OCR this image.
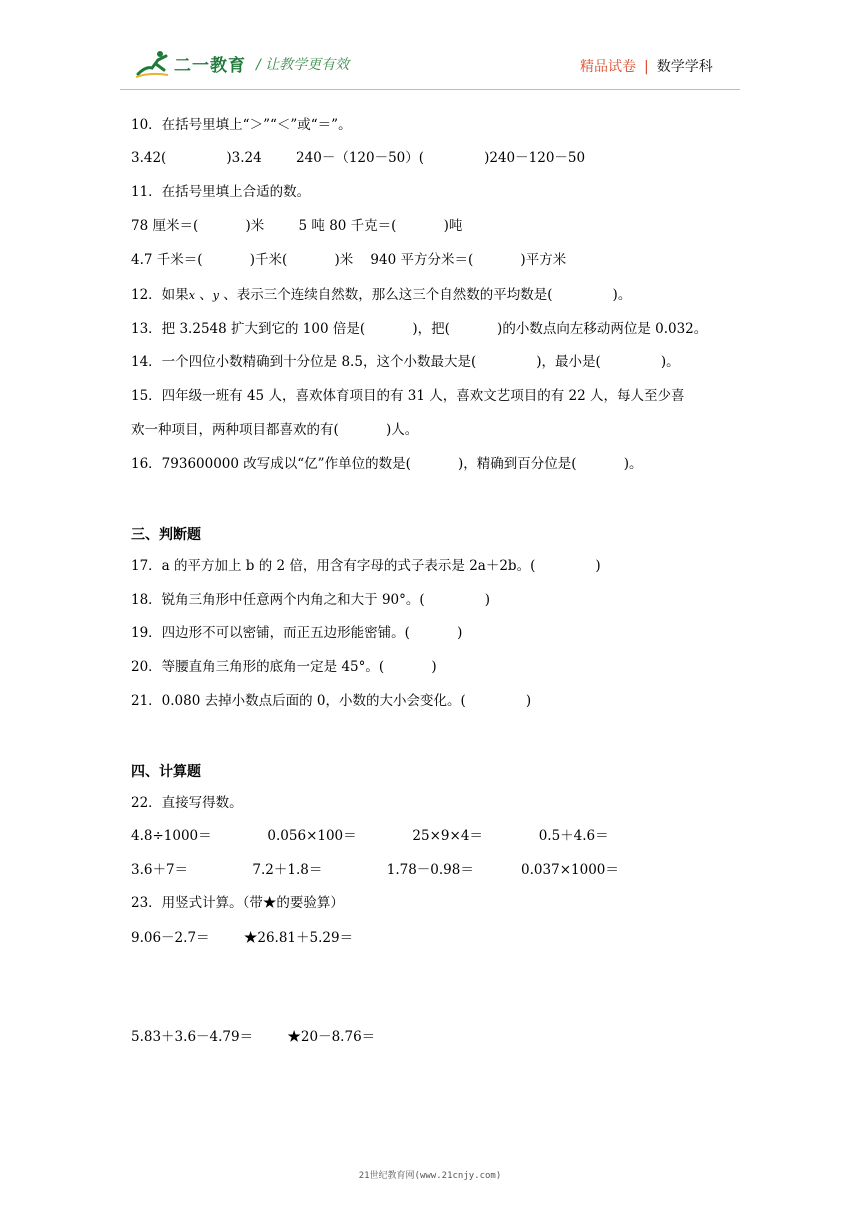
二一教育 / 让教学更有效	精品试卷 | 数学学科
10．在括号里填上“＞”“＜”或“＝”。
3.42(              )3.24        240－（120－50）(              )240－120－50
11．在括号里填上合适的数。
78 厘米＝(           )米        5 吨 80 千克＝(           )吨
4.7 千米＝(           )千米(           )米    940 平方分米＝(           )平方米
12．如果x 、y 、表示三个连续自然数，那么这三个自然数的平均数是(              )。
13．把 3.2548 扩大到它的 100 倍是(           )，把(           )的小数点向左移动两位是 0.032。
14．一个四位小数精确到十分位是 8.5，这个小数最大是(              )，最小是(              )。
15．四年级一班有 45 人，喜欢体育项目的有 31 人，喜欢文艺项目的有 22 人，每人至少喜
欢一种项目，两种项目都喜欢的有(           )人。
16．793600000 改写成以“亿”作单位的数是(           )，精确到百分位是(           )。
三、判断题
17．a 的平方加上 b 的 2 倍，用含有字母的式子表示是 2a＋2b。(              )
18．锐角三角形中任意两个内角之和大于 90°。(              )
19．四边形不可以密铺，而正五边形能密铺。(           )
20．等腰直角三角形的底角一定是 45°。(           )
21．0.080 去掉小数点后面的 0，小数的大小会变化。(              )
四、计算题
22．直接写得数。
4.8÷1000＝             0.056×100＝             25×9×4＝             0.5＋4.6＝
3.6＋7＝               7.2＋1.8＝               1.78－0.98＝           0.037×1000＝
23．用竖式计算。（带★的要验算）
9.06－2.7＝        ★26.81＋5.29＝
5.83＋3.6－4.79＝        ★20－8.76＝
21世纪教育网(www.21cnjy.com)
